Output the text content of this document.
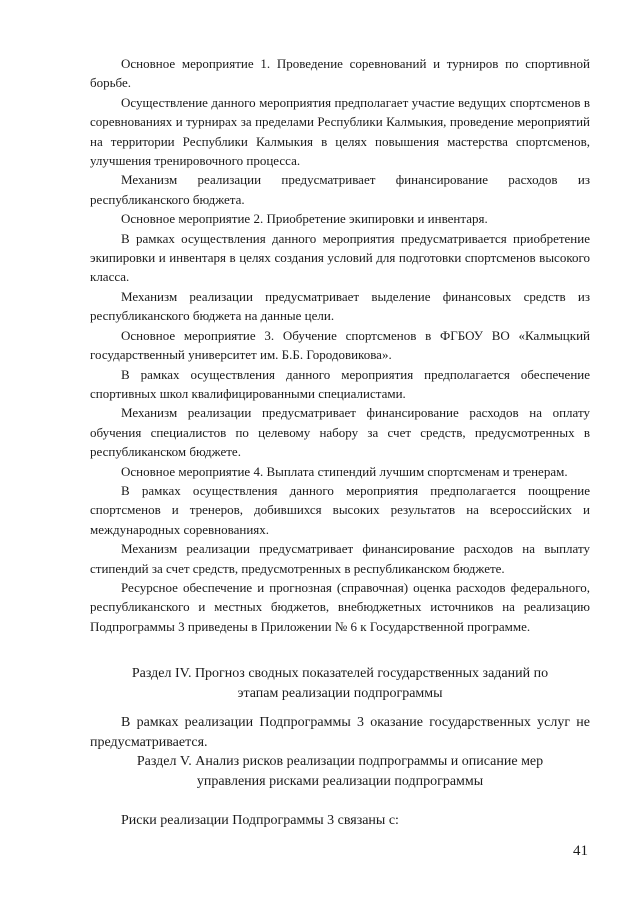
Основное мероприятие 1. Проведение соревнований и турниров по спортивной борьбе.

Осуществление данного мероприятия предполагает участие ведущих спортсменов в соревнованиях и турнирах за пределами Республики Калмыкия, проведение мероприятий на территории Республики Калмыкия в целях повышения мастерства спортсменов, улучшения тренировочного процесса.

Механизм реализации предусматривает финансирование расходов из республиканского бюджета.

Основное мероприятие 2. Приобретение экипировки и инвентаря.

В рамках осуществления данного мероприятия предусматривается приобретение экипировки и инвентаря в целях создания условий для подготовки спортсменов высокого класса.

Механизм реализации предусматривает выделение финансовых средств из республиканского бюджета на данные цели.

Основное мероприятие 3. Обучение спортсменов в ФГБОУ ВО «Калмыцкий государственный университет им. Б.Б. Городовикова».

В рамках осуществления данного мероприятия предполагается обеспечение спортивных школ квалифицированными специалистами.

Механизм реализации предусматривает финансирование расходов на оплату обучения специалистов по целевому набору за счет средств, предусмотренных в республиканском бюджете.

Основное мероприятие 4. Выплата стипендий лучшим спортсменам и тренерам.

В рамках осуществления данного мероприятия предполагается поощрение спортсменов и тренеров, добившихся высоких результатов на всероссийских и международных соревнованиях.

Механизм реализации предусматривает финансирование расходов на выплату стипендий за счет средств, предусмотренных в республиканском бюджете.

Ресурсное обеспечение и прогнозная (справочная) оценка расходов федерального, республиканского и местных бюджетов, внебюджетных источников на реализацию Подпрограммы 3 приведены в Приложении № 6 к Государственной программе.

Раздел IV. Прогноз сводных показателей государственных заданий по этапам реализации подпрограммы

В рамках реализации Подпрограммы 3 оказание государственных услуг не предусматривается.

Раздел V. Анализ рисков реализации подпрограммы и описание мер управления рисками реализации подпрограммы

Риски реализации Подпрограммы 3 связаны с:

41
